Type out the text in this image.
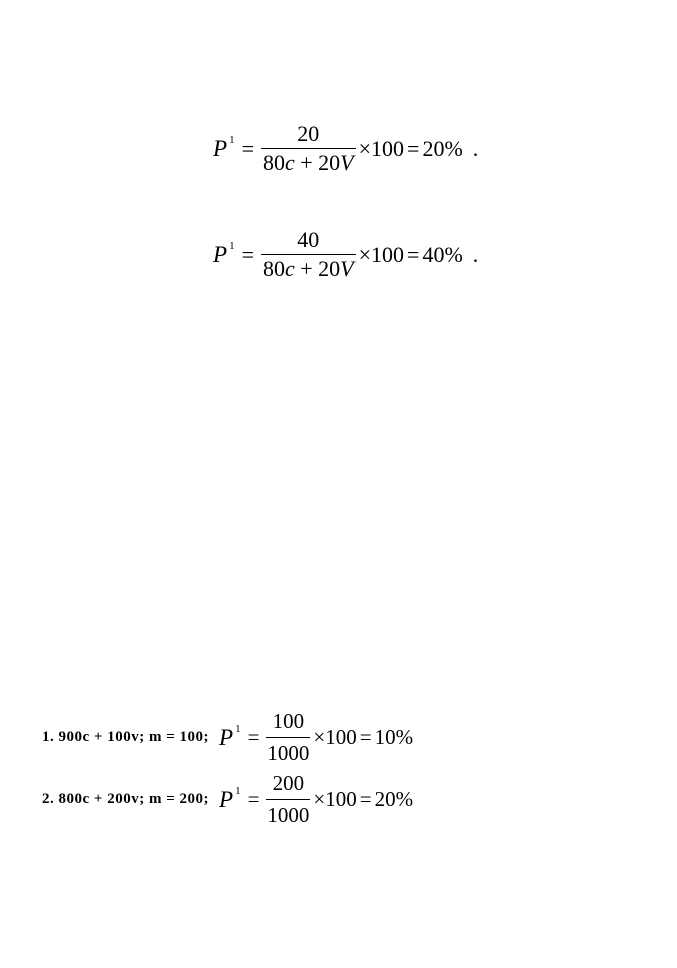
P $^1 = \frac{20}{80c + 20V} \times 100 = 20\%$ .
P $^1 = \frac{40}{80c + 20V} \times 100 = 40\%$ .
1. 900c + 100v; m = 100; P $^1 = \frac{100}{1000} \times 100 = 10\%$
2. 800c + 200v; m = 200; P $^1 = \frac{200}{1000} \times 100 = 20\%$
